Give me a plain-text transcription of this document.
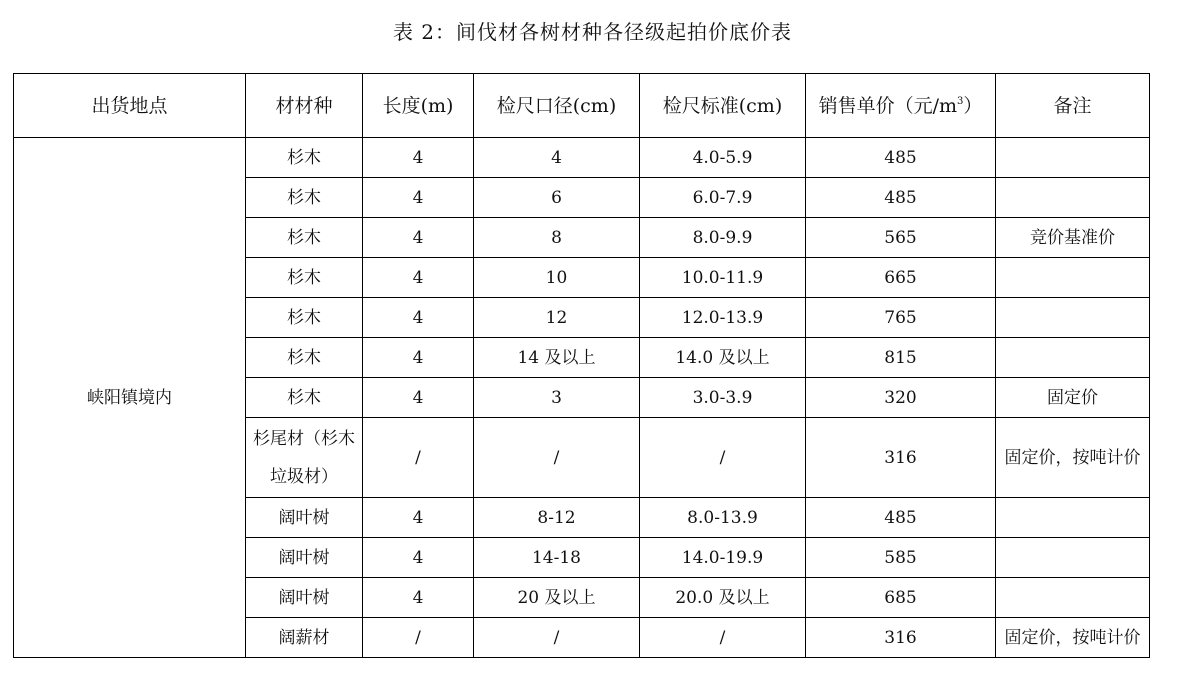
表 2：间伐材各树材种各径级起拍价底价表
出货地点	材材种	长度(m)	检尺口径(cm)	检尺标准(cm)	销售单价（元$/m^3$）	备注
峡阳镇境内	杉木	4	4	4.0-5.9	485	
	杉木	4	6	6.0-7.9	485	
	杉木	4	8	8.0-9.9	565	竞价基准价
	杉木	4	10	10.0-11.9	665	
	杉木	4	12	12.0-13.9	765	
	杉木	4	14 及以上	14.0 及以上	815	
	杉木	4	3	3.0-3.9	320	固定价
	杉尾材（杉木垃圾材）	/	/	/	316	固定价，按吨计价
	阔叶树	4	8-12	8.0-13.9	485	
	阔叶树	4	14-18	14.0-19.9	585	
	阔叶树	4	20 及以上	20.0 及以上	685	
	阔薪材	/	/	/	316	固定价，按吨计价
